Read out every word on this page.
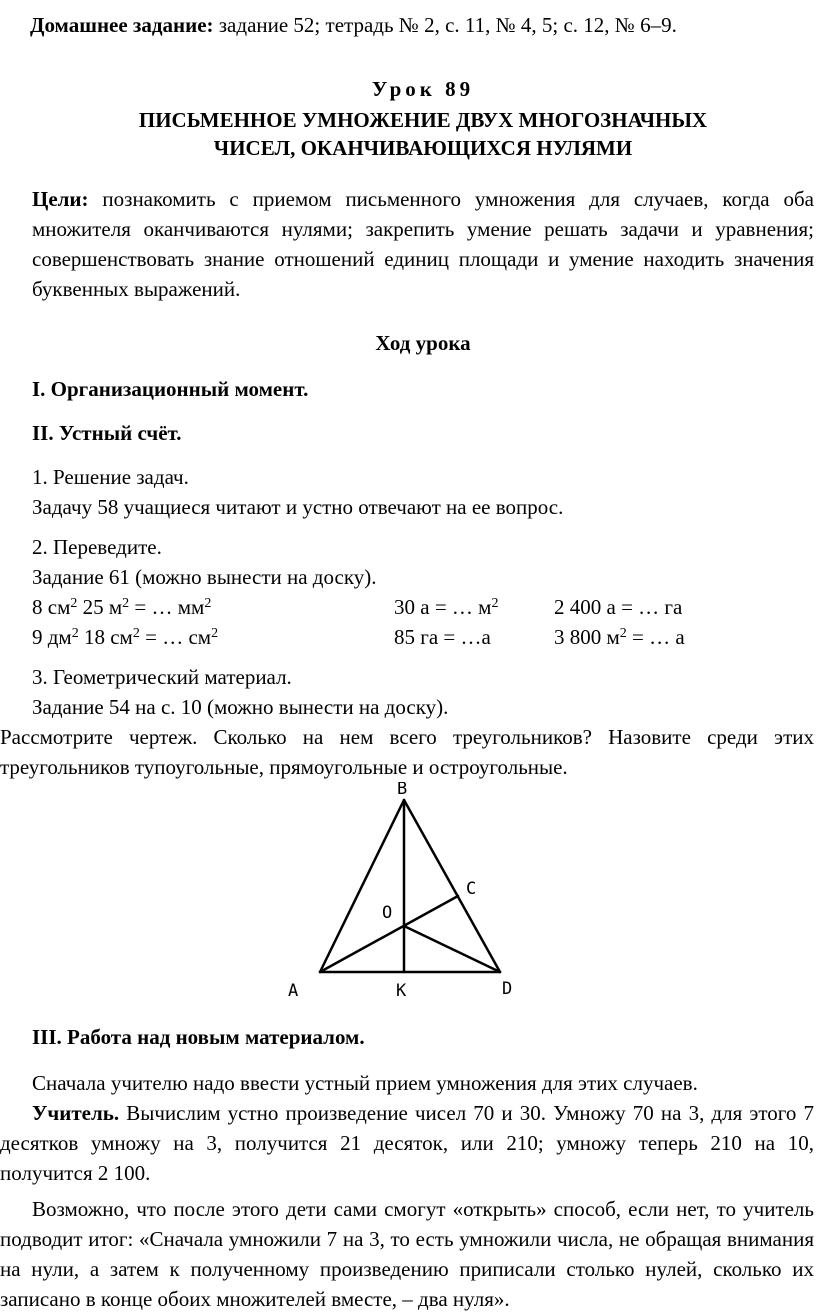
Домашнее задание: задание 52; тетрадь № 2, с. 11, № 4, 5; с. 12, № 6–9.

Урок 89

ПИСЬМЕННОЕ УМНОЖЕНИЕ ДВУХ МНОГОЗНАЧНЫХ

ЧИСЕЛ, ОКАНЧИВАЮЩИХСЯ НУЛЯМИ

Цели: познакомить с приемом письменного умножения для случаев, когда оба множителя оканчиваются нулями; закрепить умение решать задачи и уравнения; совершенствовать знание отношений единиц площади и умение находить значения буквенных выражений.

Ход урока

I. Организационный момент.

II. Устный счёт.

1. Решение задач.

Задачу 58 учащиеся читают и устно отвечают на ее вопрос.

2. Переведите.

Задание 61 (можно вынести на доску).

8 $см^2$ 25 $м^2$ = … $мм^2$	30 а = … $м^2$	2 400 а = … га
9 $дм^2$ 18 $см^2$ = … $см^2$	85 га = …а	3 800 $м^2$ = … а

3. Геометрический материал.

Задание 54 на с. 10 (можно вынести на доску).

Рассмотрите чертеж. Сколько на нем всего треугольников? Назовите среди этих треугольников тупоугольные, прямоугольные и остроугольные.

B
C
O
A	K	D

III. Работа над новым материалом.

Сначала учителю надо ввести устный прием умножения для этих случаев.

Учитель. Вычислим устно произведение чисел 70 и 30. Умножу 70 на 3, для этого 7 десятков умножу на 3, получится 21 десяток, или 210; умножу теперь 210 на 10, получится 2 100.

Возможно, что после этого дети сами смогут «открыть» способ, если нет, то учитель подводит итог: «Сначала умножили 7 на 3, то есть умножили числа, не обращая внимания на нули, а затем к полученному произведению приписали столько нулей, сколько их записано в конце обоих множителей вместе, – два нуля».
